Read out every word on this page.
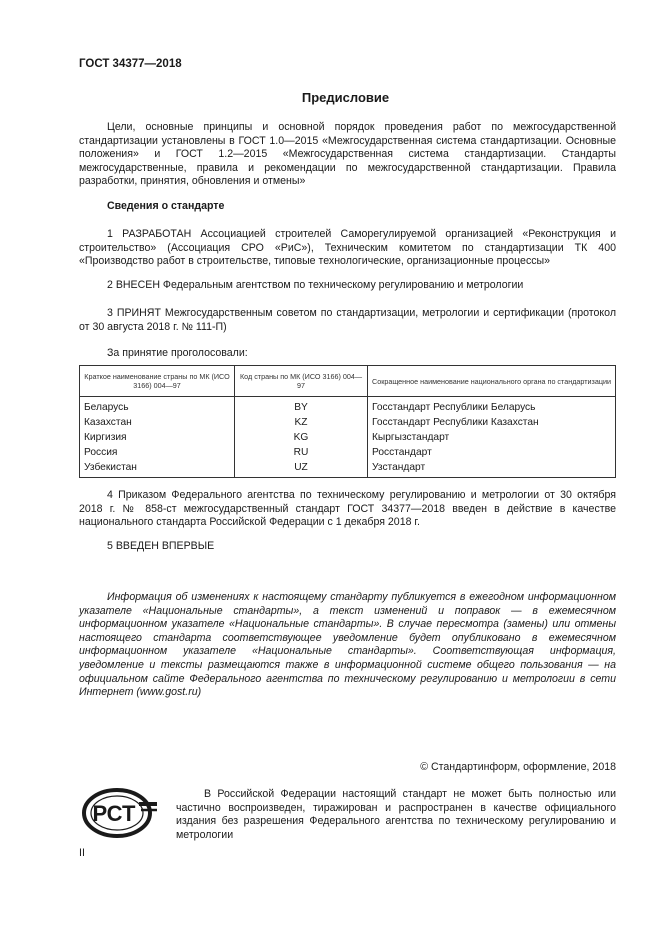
ГОСТ 34377—2018
Предисловие

Цели, основные принципы и основной порядок проведения работ по межгосударственной стандартизации установлены в ГОСТ 1.0—2015 «Межгосударственная система стандартизации. Основные положения» и ГОСТ 1.2—2015 «Межгосударственная система стандартизации. Стандарты межгосударственные, правила и рекомендации по межгосударственной стандартизации. Правила разработки, принятия, обновления и отмены»

Сведения о стандарте

1 РАЗРАБОТАН Ассоциацией строителей Саморегулируемой организацией «Реконструкция и строительство» (Ассоциация СРО «РиС»), Техническим комитетом по стандартизации ТК 400 «Производство работ в строительстве, типовые технологические, организационные процессы»

2 ВНЕСЕН Федеральным агентством по техническому регулированию и метрологии

3 ПРИНЯТ Межгосударственным советом по стандартизации, метрологии и сертификации (протокол от 30 августа 2018 г. № 111-П)

За принятие проголосовали:
Краткое наименование страны по МК (ИСО 3166) 004—97	Код страны по МК (ИСО 3166) 004—97	Сокращенное наименование национального органа по стандартизации
Беларусь	BY	Госстандарт Республики Беларусь
Казахстан	KZ	Госстандарт Республики Казахстан
Киргизия	KG	Кыргызстандарт
Россия	RU	Росстандарт
Узбекистан	UZ	Узстандарт

4 Приказом Федерального агентства по техническому регулированию и метрологии от 30 октября 2018 г. № 858-ст межгосударственный стандарт ГОСТ 34377—2018 введен в действие в качестве национального стандарта Российской Федерации с 1 декабря 2018 г.

5 ВВЕДЕН ВПЕРВЫЕ

Информация об изменениях к настоящему стандарту публикуется в ежегодном информационном указателе «Национальные стандарты», а текст изменений и поправок — в ежемесячном информационном указателе «Национальные стандарты». В случае пересмотра (замены) или отмены настоящего стандарта соответствующее уведомление будет опубликовано в ежемесячном информационном указателе «Национальные стандарты». Соответствующая информация, уведомление и тексты размещаются также в информационной системе общего пользования — на официальном сайте Федерального агентства по техническому регулированию и метрологии в сети Интернет (www.gost.ru)

© Стандартинформ, оформление, 2018
РСТ

В Российской Федерации настоящий стандарт не может быть полностью или частично воспроизведен, тиражирован и распространен в качестве официального издания без разрешения Федерального агентства по техническому регулированию и метрологии

II
